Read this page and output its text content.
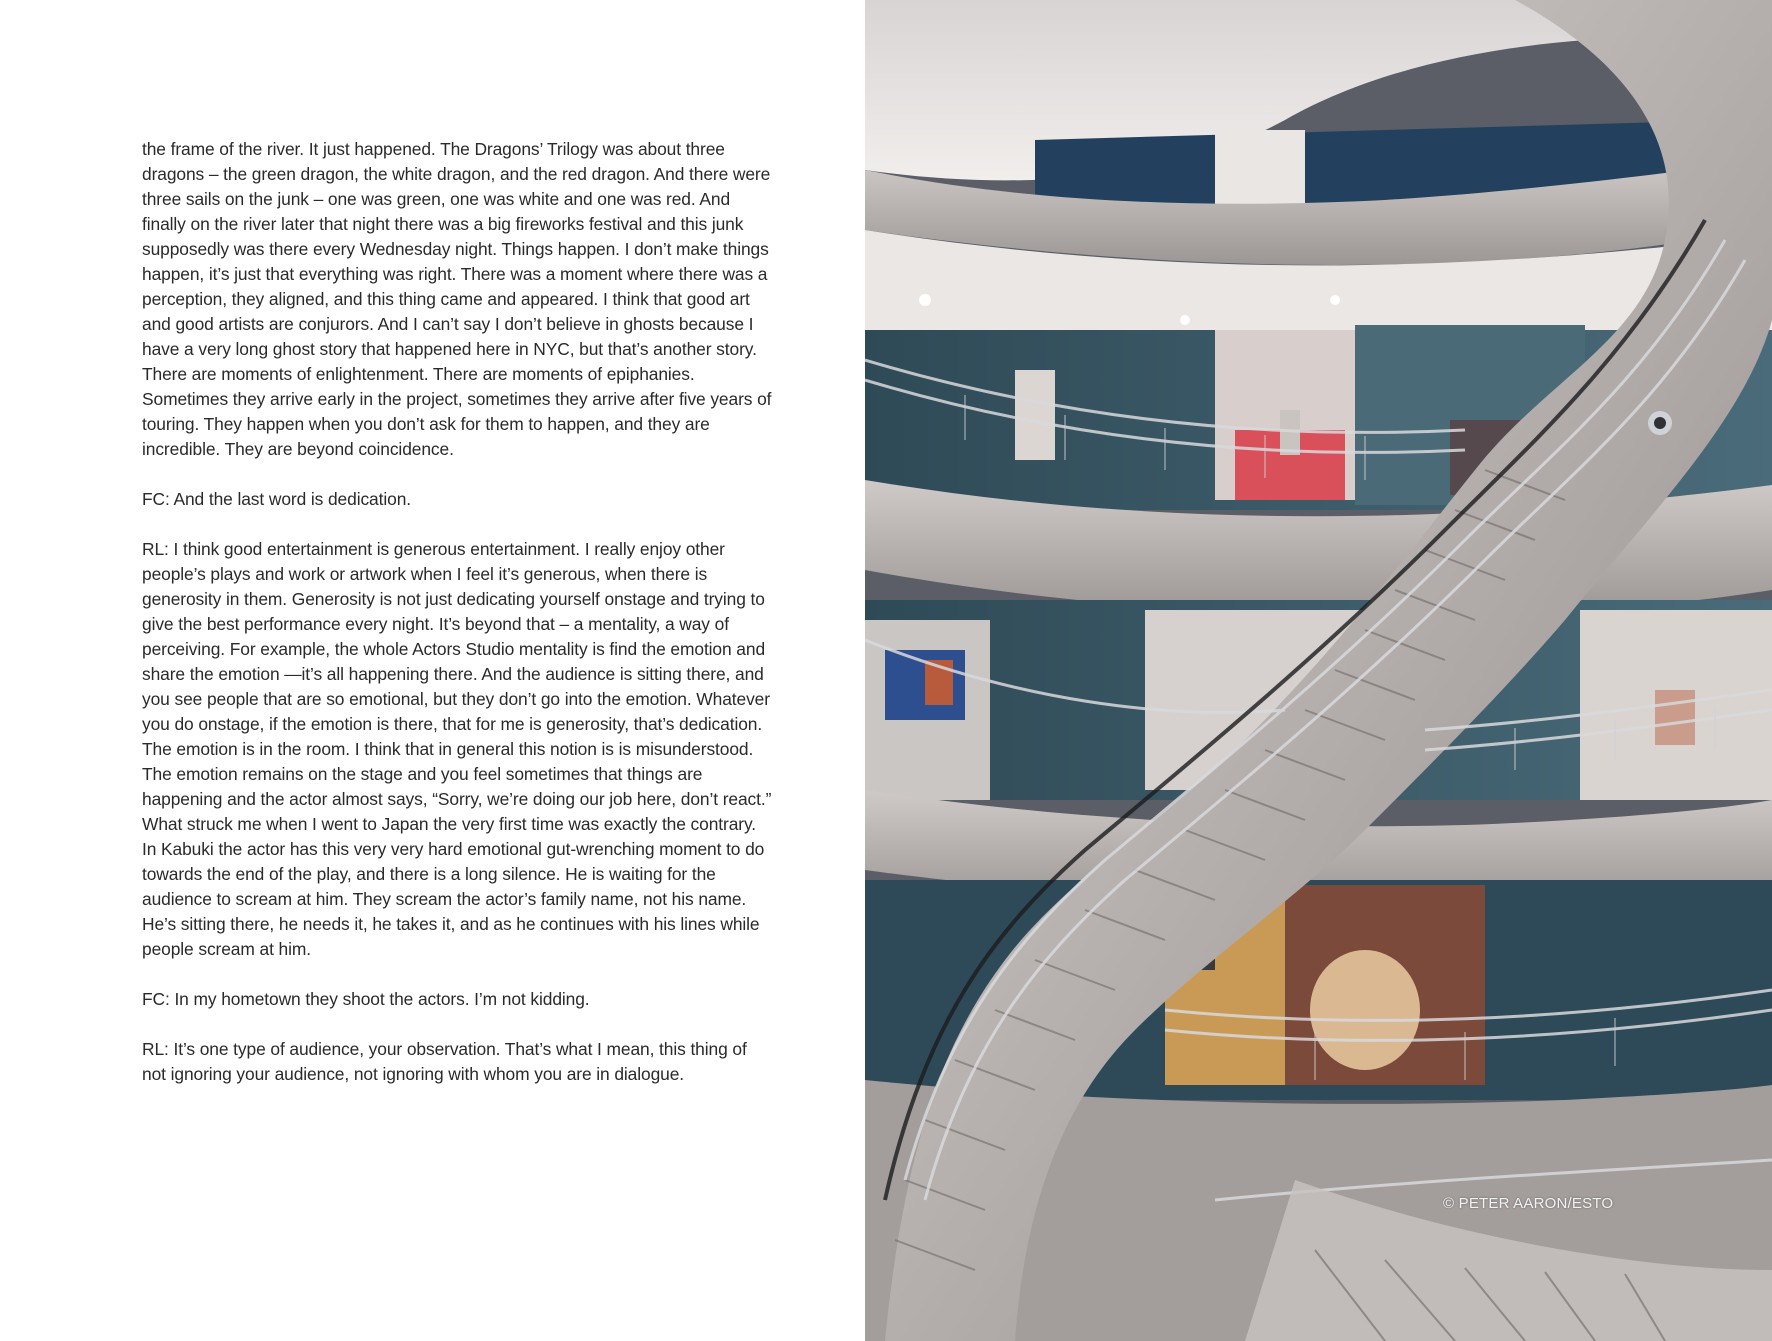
the frame of the river. It just happened. The Dragons’ Trilogy was about three dragons – the green dragon, the white dragon, and the red dragon. And there were three sails on the junk – one was green, one was white and one was red. And finally on the river later that night there was a big fireworks festival and this junk supposedly was there every Wednesday night. Things happen. I don’t make things happen, it’s just that everything was right. There was a moment where there was a perception, they aligned, and this thing came and appeared. I think that good art and good artists are conjurors. And I can’t say I don’t believe in ghosts because I have a very long ghost story that happened here in NYC, but that’s another story. There are moments of enlightenment. There are moments of epiphanies. Sometimes they arrive early in the project, sometimes they arrive after five years of touring. They happen when you don’t ask for them to happen, and they are incredible. They are beyond coincidence.

FC: And the last word is dedication.

RL: I think good entertainment is generous entertainment. I really enjoy other people’s plays and work or artwork when I feel it’s generous, when there is generosity in them. Generosity is not just dedicating yourself onstage and trying to give the best performance every night. It’s beyond that – a mentality, a way of perceiving. For example, the whole Actors Studio mentality is find the emotion and share the emotion —it’s all happening there. And the audience is sitting there, and you see people that are so emotional, but they don’t go into the emotion. Whatever you do onstage, if the emotion is there, that for me is generosity, that’s dedication. The emotion is in the room. I think that in general this notion is is misunderstood. The emotion remains on the stage and you feel sometimes that things are happening and the actor almost says, “Sorry, we’re doing our job here, don’t react.” What struck me when I went to Japan the very first time was exactly the contrary. In Kabuki the actor has this very very hard emotional gut-wrenching moment to do towards the end of the play, and there is a long silence. He is waiting for the audience to scream at him. They scream the actor’s family name, not his name. He’s sitting there, he needs it, he takes it, and as he continues with his lines while people scream at him.

FC: In my hometown they shoot the actors. I’m not kidding.

RL: It’s one type of audience, your observation. That’s what I mean, this thing of not ignoring your audience, not ignoring with whom you are in dialogue.

© PETER AARON/ESTO
